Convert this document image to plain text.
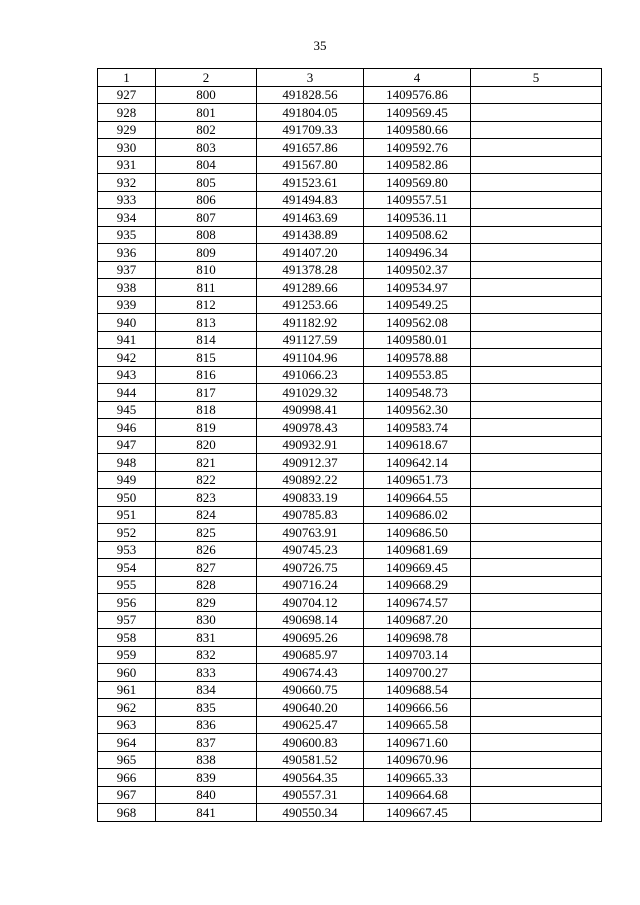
35
1	2	3	4	5
927	800	491828.56	1409576.86	
928	801	491804.05	1409569.45	
929	802	491709.33	1409580.66	
930	803	491657.86	1409592.76	
931	804	491567.80	1409582.86	
932	805	491523.61	1409569.80	
933	806	491494.83	1409557.51	
934	807	491463.69	1409536.11	
935	808	491438.89	1409508.62	
936	809	491407.20	1409496.34	
937	810	491378.28	1409502.37	
938	811	491289.66	1409534.97	
939	812	491253.66	1409549.25	
940	813	491182.92	1409562.08	
941	814	491127.59	1409580.01	
942	815	491104.96	1409578.88	
943	816	491066.23	1409553.85	
944	817	491029.32	1409548.73	
945	818	490998.41	1409562.30	
946	819	490978.43	1409583.74	
947	820	490932.91	1409618.67	
948	821	490912.37	1409642.14	
949	822	490892.22	1409651.73	
950	823	490833.19	1409664.55	
951	824	490785.83	1409686.02	
952	825	490763.91	1409686.50	
953	826	490745.23	1409681.69	
954	827	490726.75	1409669.45	
955	828	490716.24	1409668.29	
956	829	490704.12	1409674.57	
957	830	490698.14	1409687.20	
958	831	490695.26	1409698.78	
959	832	490685.97	1409703.14	
960	833	490674.43	1409700.27	
961	834	490660.75	1409688.54	
962	835	490640.20	1409666.56	
963	836	490625.47	1409665.58	
964	837	490600.83	1409671.60	
965	838	490581.52	1409670.96	
966	839	490564.35	1409665.33	
967	840	490557.31	1409664.68	
968	841	490550.34	1409667.45	
